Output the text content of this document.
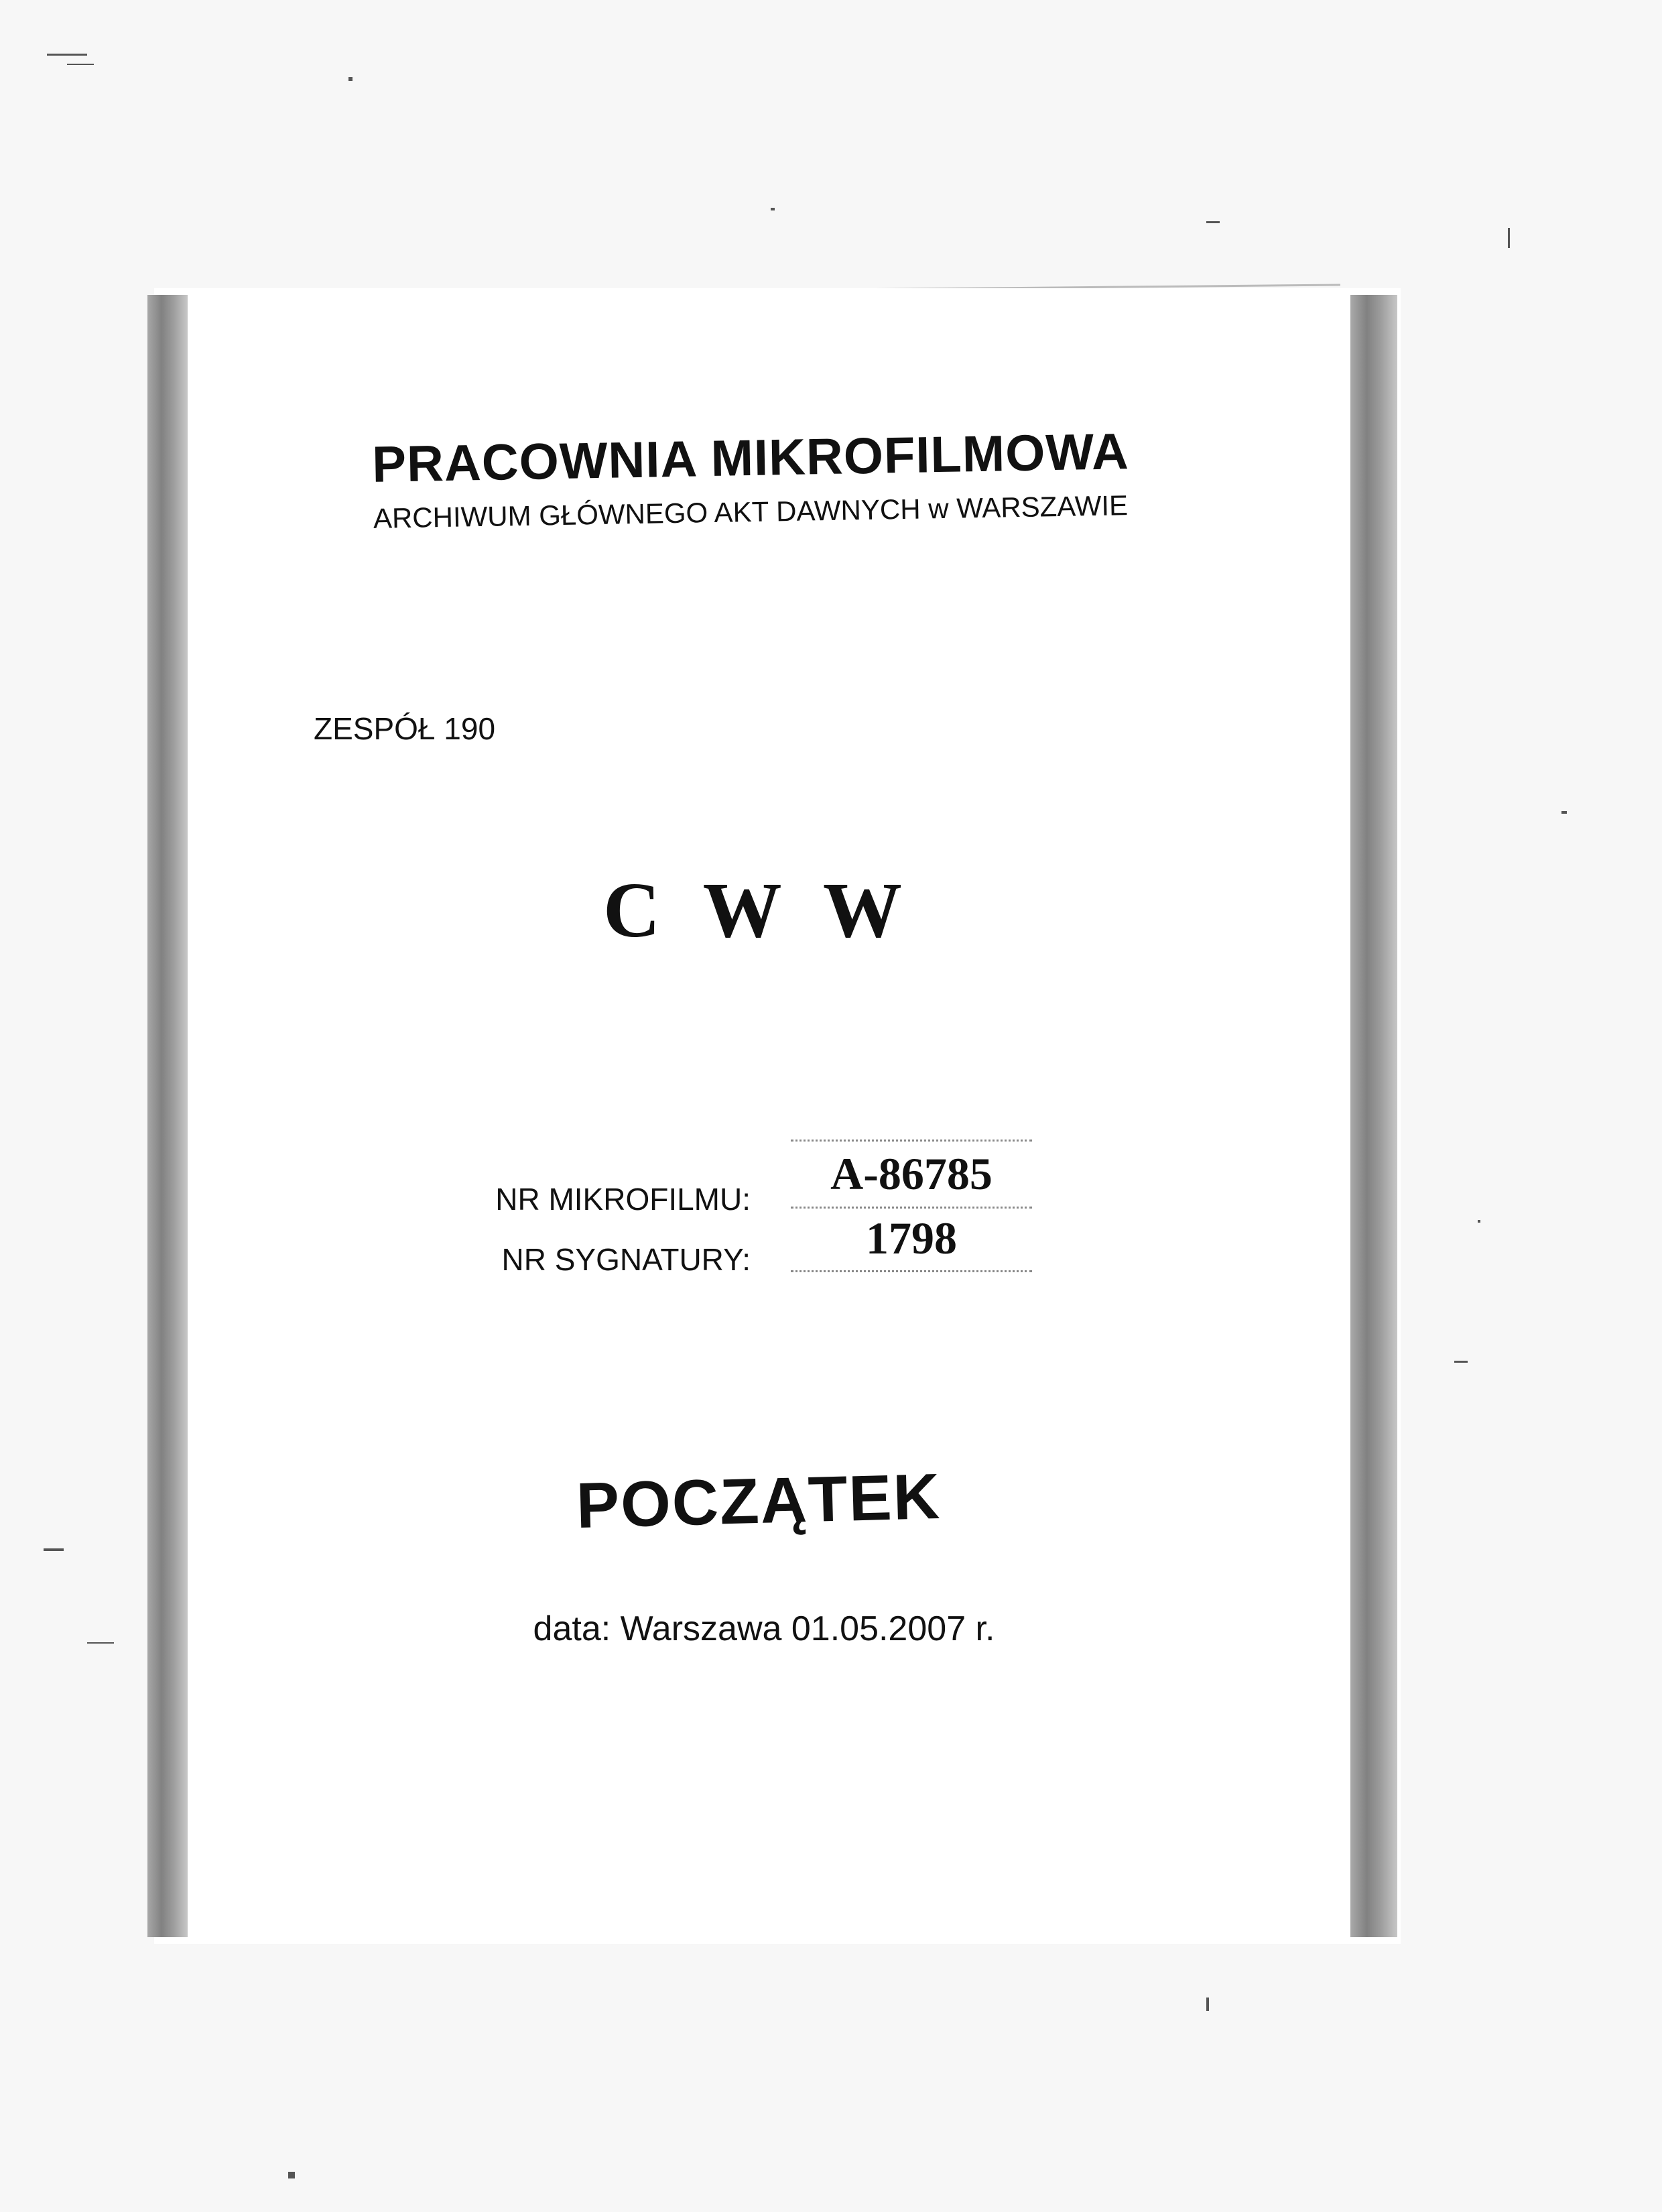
PRACOWNIA MIKROFILMOWA
ARCHIWUM GŁÓWNEGO AKT DAWNYCH w WARSZAWIE
ZESPÓŁ 190
C W W
NR MIKROFILMU:	A-86785
NR SYGNATURY:	1798
POCZĄTEK
data: Warszawa 01.05.2007 r.
